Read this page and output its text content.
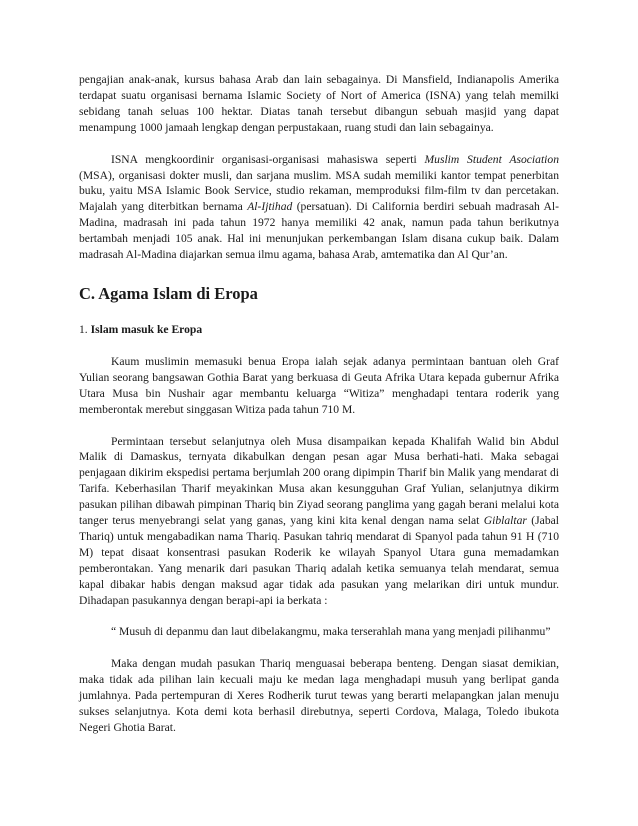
pengajian anak-anak, kursus bahasa Arab dan lain sebagainya. Di Mansfield, Indianapolis Amerika terdapat suatu organisasi bernama Islamic Society of Nort of America (ISNA) yang telah memilki sebidang tanah seluas 100 hektar. Diatas tanah tersebut dibangun sebuah masjid yang dapat menampung 1000 jamaah lengkap dengan perpustakaan, ruang studi dan lain sebagainya.

ISNA mengkoordinir organisasi-organisasi mahasiswa seperti Muslim Student Asociation (MSA), organisasi dokter musli, dan sarjana muslim. MSA sudah memiliki kantor tempat penerbitan buku, yaitu MSA Islamic Book Service, studio rekaman, memproduksi film-film tv dan percetakan. Majalah yang diterbitkan bernama Al-Ijtihad (persatuan). Di California berdiri sebuah madrasah Al-Madina, madrasah ini pada tahun 1972 hanya memiliki 42 anak, namun pada tahun berikutnya bertambah menjadi 105 anak. Hal ini menunjukan perkembangan Islam disana cukup baik. Dalam madrasah Al-Madina diajarkan semua ilmu agama, bahasa Arab, amtematika dan Al Qur’an.

C. Agama Islam di Eropa
1. Islam masuk ke Eropa

Kaum muslimin memasuki benua Eropa ialah sejak adanya permintaan bantuan oleh Graf Yulian seorang bangsawan Gothia Barat yang berkuasa di Geuta Afrika Utara kepada gubernur Afrika Utara Musa bin Nushair agar membantu keluarga “Witiza” menghadapi tentara roderik yang memberontak merebut singgasan Witiza pada tahun 710 M.

Permintaan tersebut selanjutnya oleh Musa disampaikan kepada Khalifah Walid bin Abdul Malik di Damaskus, ternyata dikabulkan dengan pesan agar Musa berhati-hati. Maka sebagai penjagaan dikirim ekspedisi pertama berjumlah 200 orang dipimpin Tharif bin Malik yang mendarat di Tarifa. Keberhasilan Tharif meyakinkan Musa akan kesungguhan Graf Yulian, selanjutnya dikirm pasukan pilihan dibawah pimpinan Thariq bin Ziyad seorang panglima yang gagah berani melalui kota tanger terus menyebrangi selat yang ganas, yang kini kita kenal dengan nama selat Giblaltar (Jabal Thariq) untuk mengabadikan nama Thariq. Pasukan tahriq mendarat di Spanyol pada tahun 91 H (710 M) tepat disaat konsentrasi pasukan Roderik ke wilayah Spanyol Utara guna memadamkan pemberontakan. Yang menarik dari pasukan Thariq adalah ketika semuanya telah mendarat, semua kapal dibakar habis dengan maksud agar tidak ada pasukan yang melarikan diri untuk mundur. Dihadapan pasukannya dengan berapi-api ia berkata :

“ Musuh di depanmu dan laut dibelakangmu, maka terserahlah mana yang menjadi pilihanmu”

Maka dengan mudah pasukan Thariq menguasai beberapa benteng. Dengan siasat demikian, maka tidak ada pilihan lain kecuali maju ke medan laga menghadapi musuh yang berlipat ganda jumlahnya. Pada pertempuran di Xeres Rodherik turut tewas yang berarti melapangkan jalan menuju sukses selanjutnya. Kota demi kota berhasil direbutnya, seperti Cordova, Malaga, Toledo ibukota Negeri Ghotia Barat.
